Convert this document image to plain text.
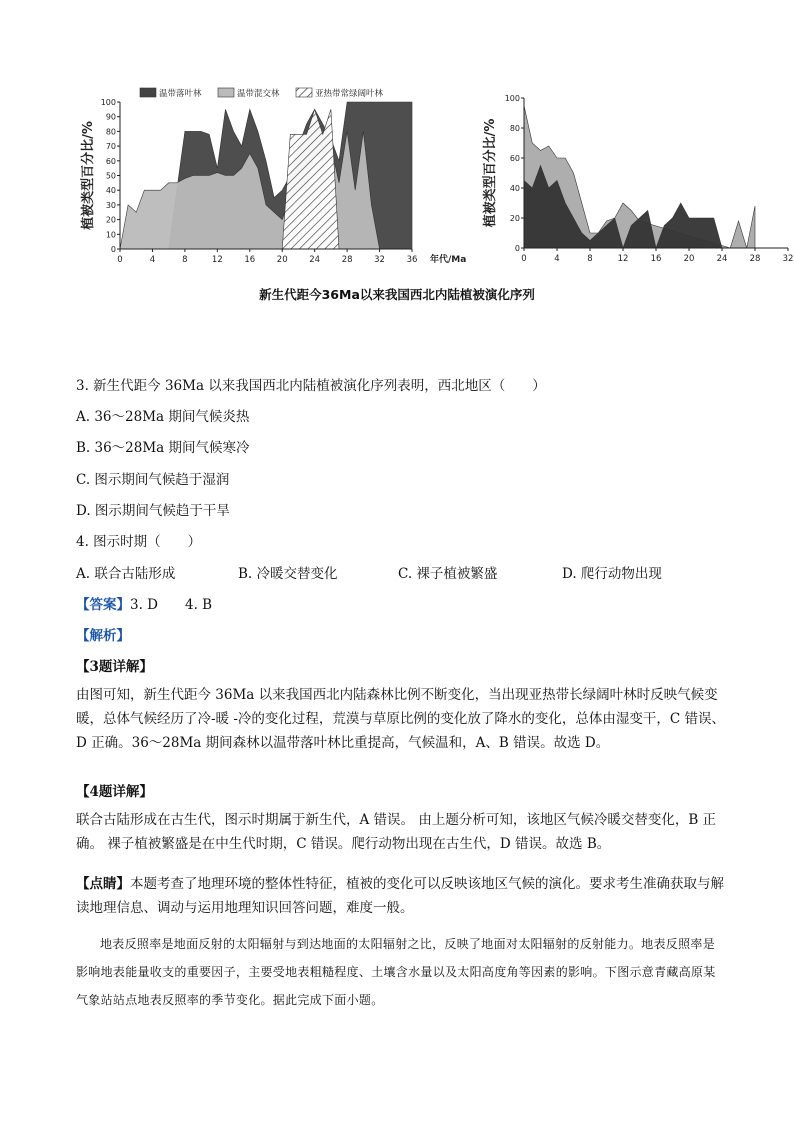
0	4	8	12	16	20	24	28	32	36
0
10
20
30
40
50
60
70
80
90
100
植被类型百分比/%
年代/Ma
温带落叶林	温带混交林	亚热带常绿阔叶林
0	4	8	12	16	20	24	28	32
0
20
40
60
80
100
植被类型百分比/%
新生代距今36Ma以来我国西北内陆植被演化序列
3. 新生代距今 36Ma 以来我国西北内陆植被演化序列表明，西北地区（　　）
A. 36～28Ma 期间气候炎热
B. 36～28Ma 期间气候寒冷
C. 图示期间气候趋于湿润
D. 图示期间气候趋于干旱
4. 图示时期（　　）
A. 联合古陆形成	B. 冷暖交替变化	C. 裸子植被繁盛	D. 爬行动物出现
【答案】3. D　　4. B
【解析】
【3题详解】
由图可知，新生代距今 36Ma 以来我国西北内陆森林比例不断变化，当出现亚热带长绿阔叶林时反映气候变暖，总体气候经历了冷-暖 -冷的变化过程，荒漠与草原比例的变化放了降水的变化，总体由湿变干，C 错误、D 正确。36～28Ma 期间森林以温带落叶林比重提高，气候温和，A、B 错误。故选 D。
【4题详解】
联合古陆形成在古生代，图示时期属于新生代，A 错误。 由上题分析可知，该地区气候冷暖交替变化，B 正确。 裸子植被繁盛是在中生代时期，C 错误。爬行动物出现在古生代，D 错误。故选 B。
【点睛】本题考查了地理环境的整体性特征，植被的变化可以反映该地区气候的演化。要求考生准确获取与解读地理信息、调动与运用地理知识回答问题，难度一般。
地表反照率是地面反射的太阳辐射与到达地面的太阳辐射之比，反映了地面对太阳辐射的反射能力。地表反照率是影响地表能量收支的重要因子，主要受地表粗糙程度、土壤含水量以及太阳高度角等因素的影响。下图示意青藏高原某气象站站点地表反照率的季节变化。据此完成下面小题。
